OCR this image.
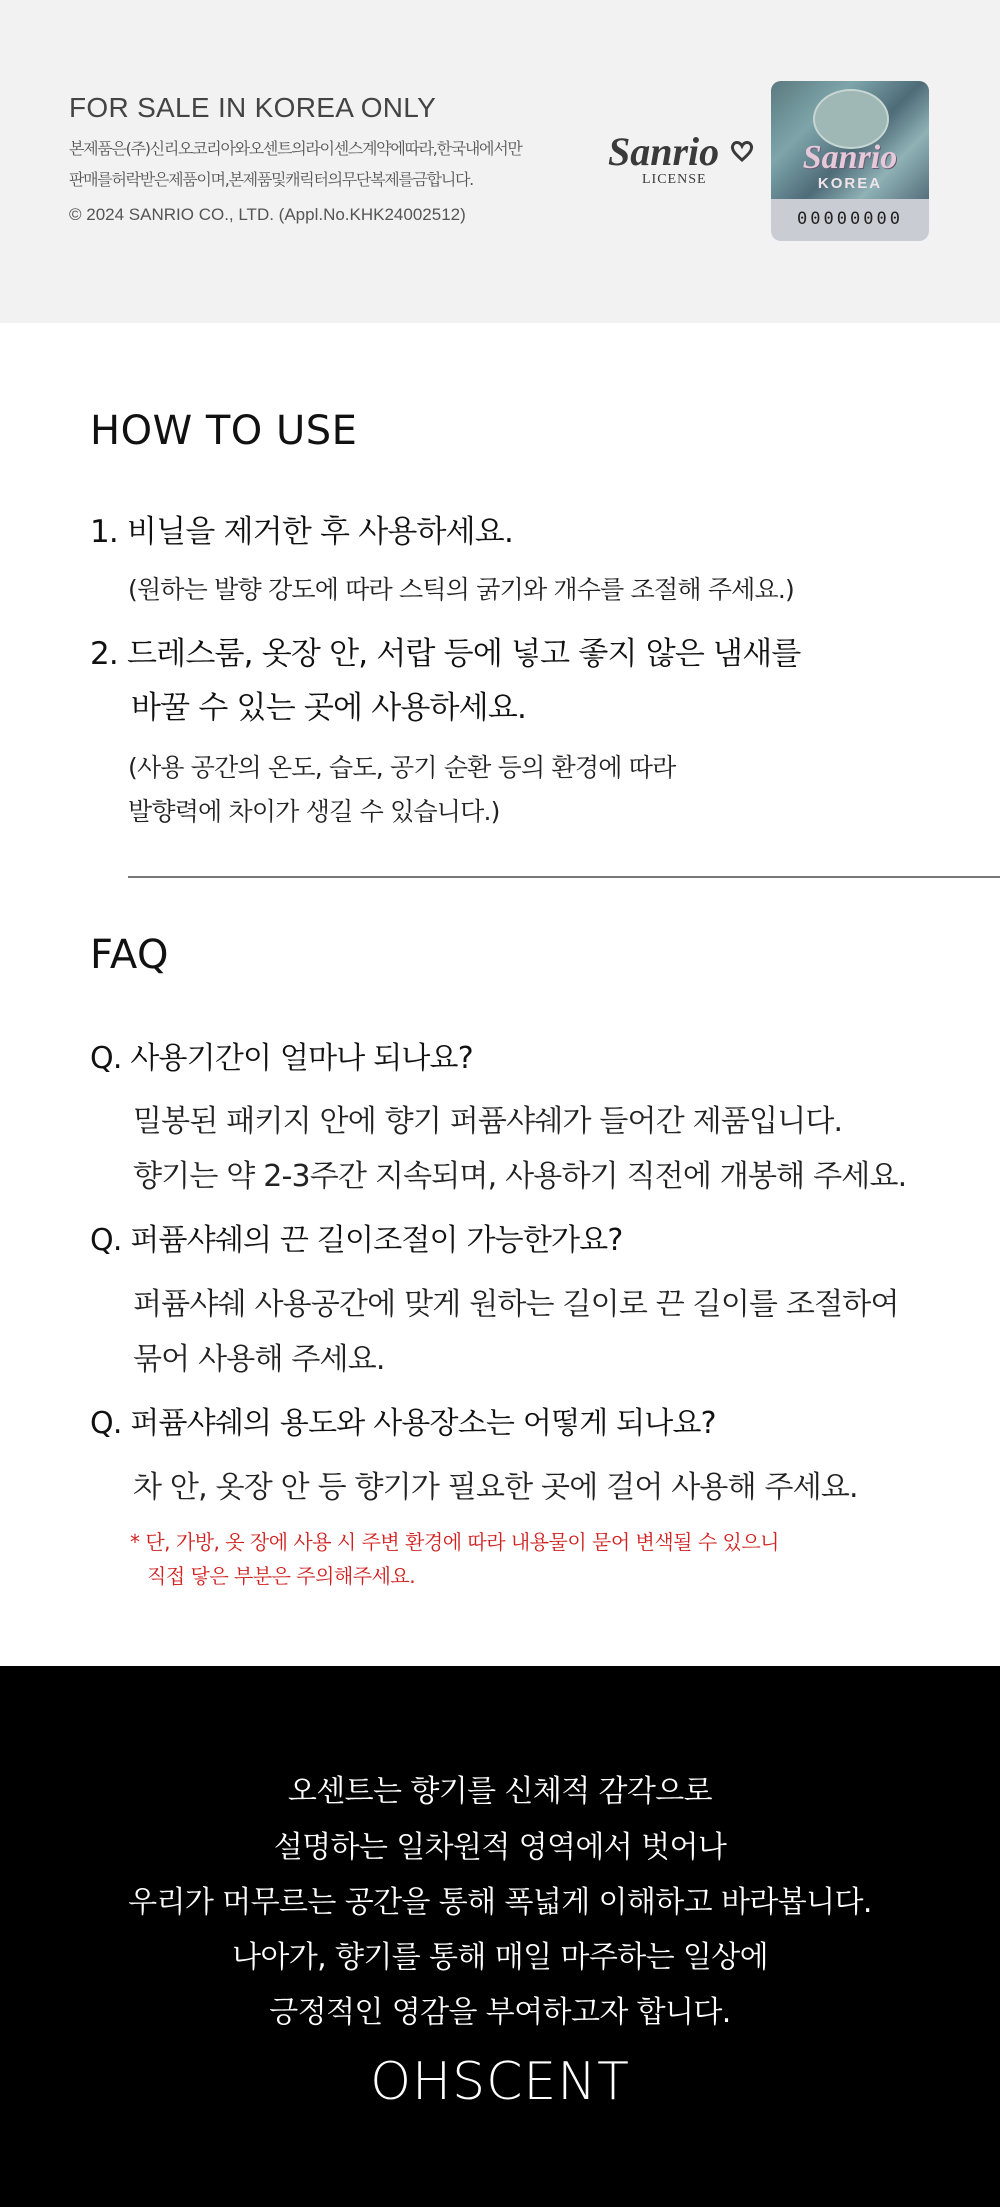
FOR SALE IN KOREA ONLY
본제품은(주)신리오코리아와오센트의라이센스계약에따라,한국내에서만
판매를허락받은제품이며,본제품및캐릭터의무단복제를금합니다.
© 2024 SANRIO CO., LTD. (Appl.No.KHK24002512)
Sanrio
LICENSE
Sanrio
KOREA
00000000
HOW TO USE
1. 비닐을 제거한 후 사용하세요.
(원하는 발향 강도에 따라 스틱의 굵기와 개수를 조절해 주세요.)
2. 드레스룸, 옷장 안, 서랍 등에 넣고 좋지 않은 냄새를
바꿀 수 있는 곳에 사용하세요.
(사용 공간의 온도, 습도, 공기 순환 등의 환경에 따라
발향력에 차이가 생길 수 있습니다.)
FAQ
Q. 사용기간이 얼마나 되나요?
밀봉된 패키지 안에 향기 퍼퓸샤쉐가 들어간 제품입니다.
향기는 약 2-3주간 지속되며, 사용하기 직전에 개봉해 주세요.
Q. 퍼퓸샤쉐의 끈 길이조절이 가능한가요?
퍼퓸샤쉐 사용공간에 맞게 원하는 길이로 끈 길이를 조절하여
묶어 사용해 주세요.
Q. 퍼퓸샤쉐의 용도와 사용장소는 어떻게 되나요?
차 안, 옷장 안 등 향기가 필요한 곳에 걸어 사용해 주세요.
* 단, 가방, 옷 장에 사용 시 주변 환경에 따라 내용물이 묻어 변색될 수 있으니
직접 닿은 부분은 주의해주세요.
오센트는 향기를 신체적 감각으로
설명하는 일차원적 영역에서 벗어나
우리가 머무르는 공간을 통해 폭넓게 이해하고 바라봅니다.
나아가, 향기를 통해 매일 마주하는 일상에
긍정적인 영감을 부여하고자 합니다.
OHSCENT
